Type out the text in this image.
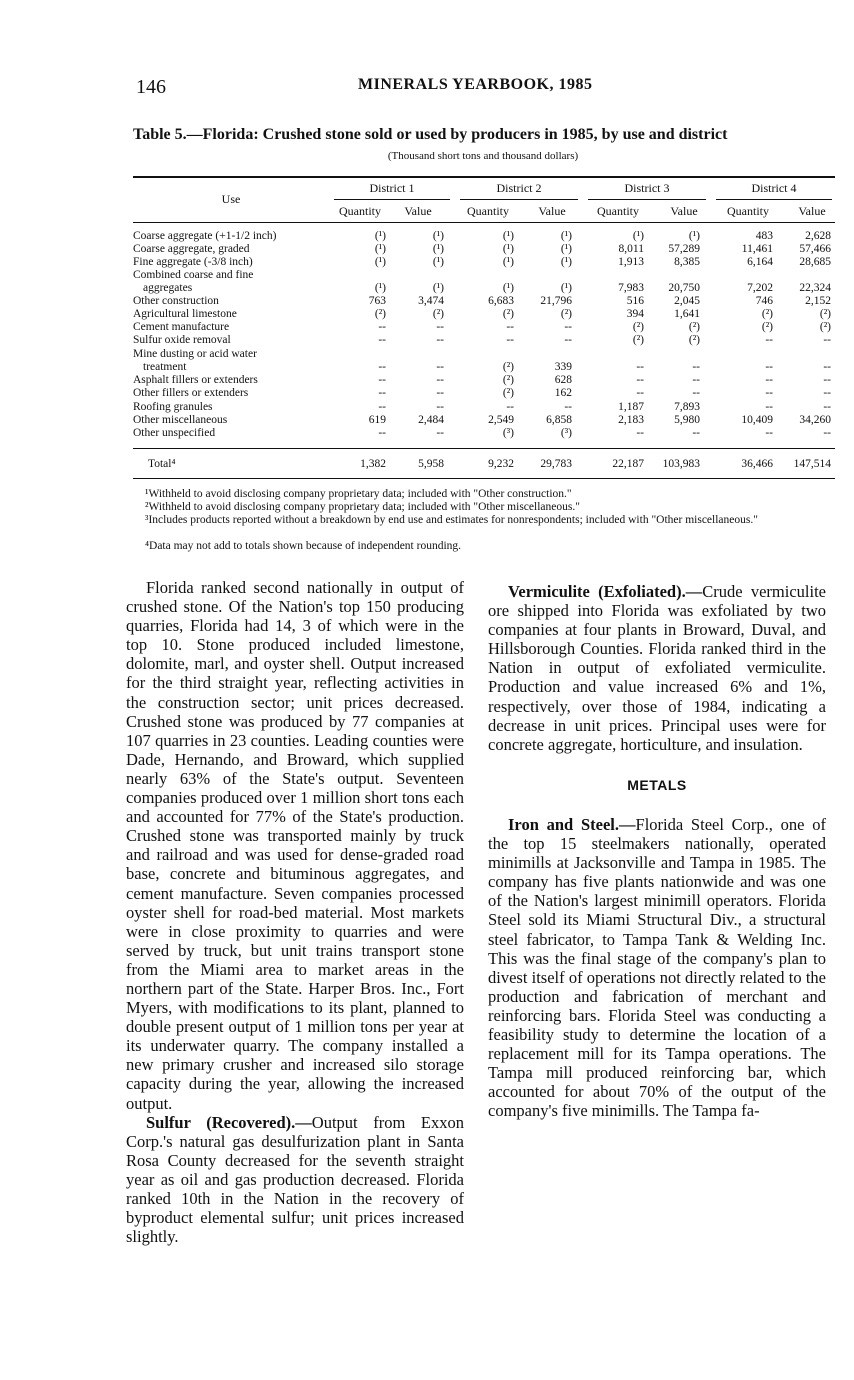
146	MINERALS YEARBOOK, 1985
Table 5.—Florida: Crushed stone sold or used by producers in 1985, by use and district
(Thousand short tons and thousand dollars)
Use
District 1	District 2	District 3	District 4
Quantity	Value	Quantity	Value	Quantity	Value	Quantity	Value
Coarse aggregate (+1-1/2 inch)	(¹)	(¹)	(¹)	(¹)	(¹)	(¹)	483	2,628
Coarse aggregate, graded	(¹)	(¹)	(¹)	(¹)	8,011	57,289	11,461	57,466
Fine aggregate (-3/8 inch)	(¹)	(¹)	(¹)	(¹)	1,913	8,385	6,164	28,685
Combined coarse and fine
aggregates	(¹)	(¹)	(¹)	(¹)	7,983	20,750	7,202	22,324
Other construction	763	3,474	6,683	21,796	516	2,045	746	2,152
Agricultural limestone	(²)	(²)	(²)	(²)	394	1,641	(²)	(²)
Cement manufacture	--	--	--	--	(²)	(²)	(²)	(²)
Sulfur oxide removal	--	--	--	--	(²)	(²)	--	--
Mine dusting or acid water
treatment	--	--	(²)	339	--	--	--	--
Asphalt fillers or extenders	--	--	(²)	628	--	--	--	--
Other fillers or extenders	--	--	(²)	162	--	--	--	--
Roofing granules	--	--	--	--	1,187	7,893	--	--
Other miscellaneous	619	2,484	2,549	6,858	2,183	5,980	10,409	34,260
Other unspecified	--	--	(³)	(³)	--	--	--	--
Total⁴	1,382	5,958	9,232	29,783	22,187	103,983	36,466	147,514
¹Withheld to avoid disclosing company proprietary data; included with "Other construction."
²Withheld to avoid disclosing company proprietary data; included with "Other miscellaneous."
³Includes products reported without a breakdown by end use and estimates for nonrespondents; included with "Other miscellaneous."
⁴Data may not add to totals shown because of independent rounding.

Florida ranked second nationally in output of crushed stone. Of the Nation's top 150 producing quarries, Florida had 14, 3 of which were in the top 10. Stone produced included limestone, dolomite, marl, and oyster shell. Output increased for the third straight year, reflecting activities in the construction sector; unit prices decreased. Crushed stone was produced by 77 companies at 107 quarries in 23 counties. Leading counties were Dade, Hernando, and Broward, which supplied nearly 63% of the State's output. Seventeen companies produced over 1 million short tons each and accounted for 77% of the State's production. Crushed stone was transported mainly by truck and railroad and was used for dense-graded road base, concrete and bituminous aggregates, and cement manufacture. Seven companies processed oyster shell for road-bed material. Most markets were in close proximity to quarries and were served by truck, but unit trains transport stone from the Miami area to market areas in the northern part of the State. Harper Bros. Inc., Fort Myers, with modifications to its plant, planned to double present output of 1 million tons per year at its underwater quarry. The company installed a new primary crusher and increased silo storage capacity during the year, allowing the increased output.

Sulfur (Recovered).—Output from Exxon Corp.'s natural gas desulfurization plant in Santa Rosa County decreased for the seventh straight year as oil and gas production decreased. Florida ranked 10th in the Nation in the recovery of byproduct elemental sulfur; unit prices increased slightly.

Vermiculite (Exfoliated).—Crude vermiculite ore shipped into Florida was exfoliated by two companies at four plants in Broward, Duval, and Hillsborough Counties. Florida ranked third in the Nation in output of exfoliated vermiculite. Production and value increased 6% and 1%, respectively, over those of 1984, indicating a decrease in unit prices. Principal uses were for concrete aggregate, horticulture, and insulation.

METALS

Iron and Steel.—Florida Steel Corp., one of the top 15 steelmakers nationally, operated minimills at Jacksonville and Tampa in 1985. The company has five plants nationwide and was one of the Nation's largest minimill operators. Florida Steel sold its Miami Structural Div., a structural steel fabricator, to Tampa Tank & Welding Inc. This was the final stage of the company's plan to divest itself of operations not directly related to the production and fabrication of merchant and reinforcing bars. Florida Steel was conducting a feasibility study to determine the location of a replacement mill for its Tampa operations. The Tampa mill produced reinforcing bar, which accounted for about 70% of the output of the company's five minimills. The Tampa fa-
